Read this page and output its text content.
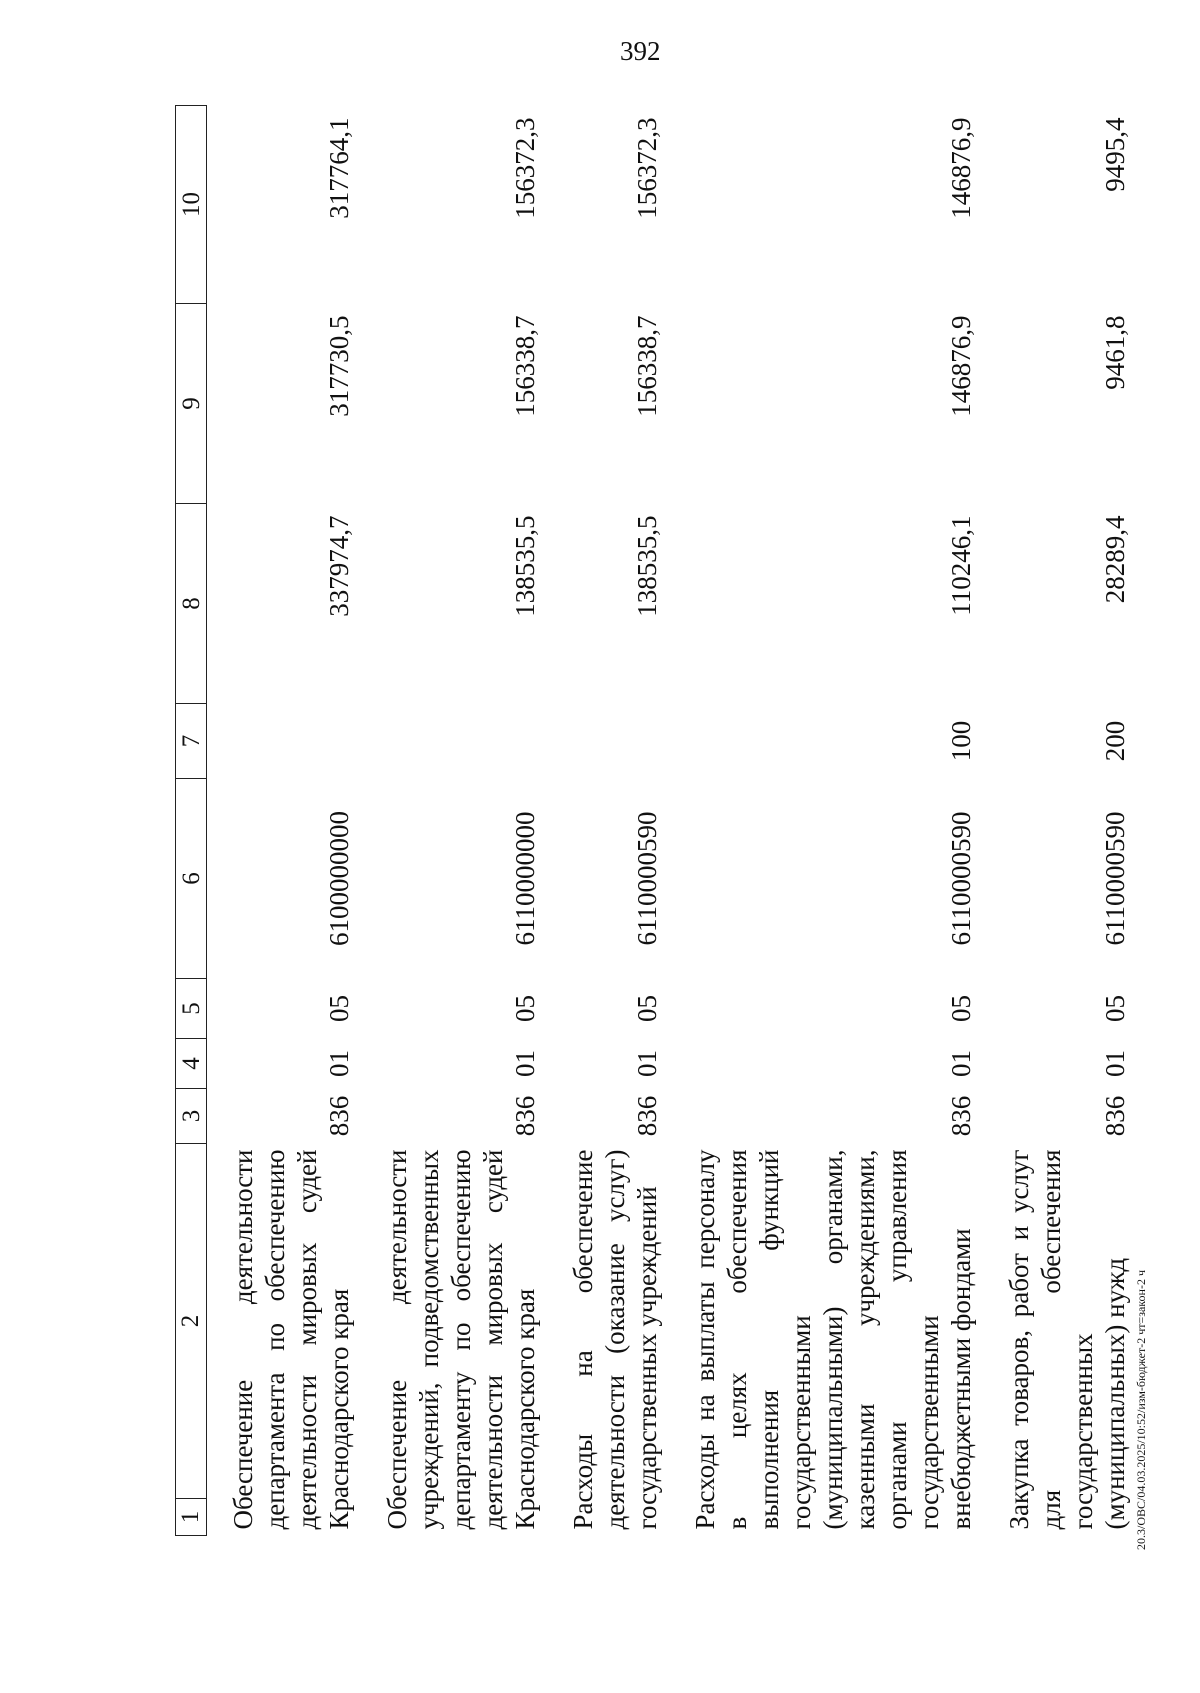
392
20.3/ОВС/04.03.2025/10:52/изм-бюджет-2 чт=закон-2 ч
1
2	3	4	5	6	7	8	9	10

Обеспечение деятельности департамента по обеспечению деятельности мировых судей Краснодарского края	836	01	05	6100000000		337974,7	317730,5	317764,1

Обеспечение деятельности учреждений, подведомственных департаменту по обеспечению деятельности мировых судей Краснодарского края	836	01	05	6110000000		138535,5	156338,7	156372,3

Расходы на обеспечение деятельности (оказание услуг) государственных учреждений	836	01	05	6110000590		138535,5	156338,7	156372,3

Расходы на выплаты персоналу в целях обеспечения выполнения функций государственными (муниципальными) органами, казенными учреждениями, органами управления государственными внебюджетными фондами	836	01	05	6110000590	100	110246,1	146876,9	146876,9

Закупка товаров, работ и услуг для обеспечения государственных (муниципальных) нужд	836	01	05	6110000590	200	28289,4	9461,8	9495,4
